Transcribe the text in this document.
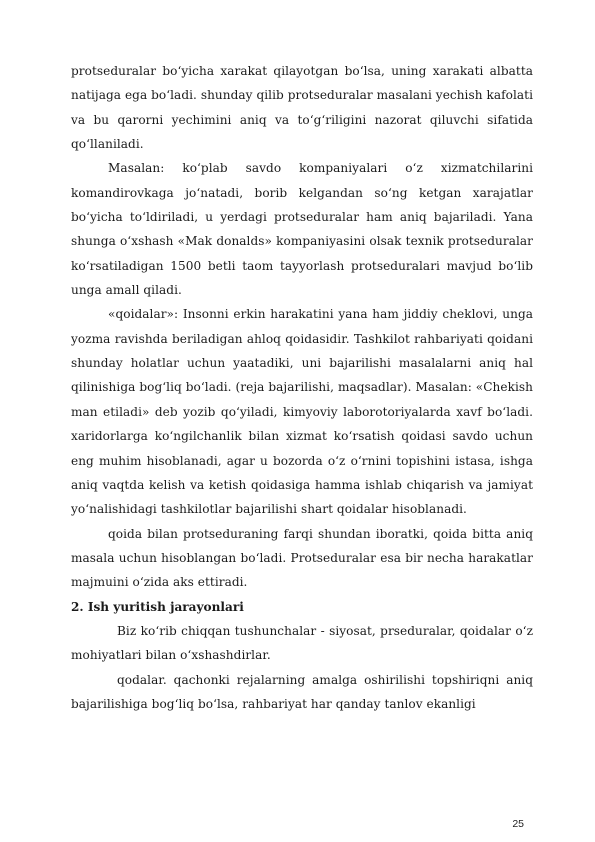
protseduralar bo‘yicha xarakat qilayotgan bo‘lsa, uning xarakati albatta natijaga ega bo‘ladi. shunday qilib protseduralar masalani yechish kafolati va bu qarorni yechimini aniq va to‘g‘riligini nazorat qiluvchi sifatida qo‘llaniladi.

Masalan: ko‘plab savdo kompaniyalari o‘z xizmatchilarini komandirovkaga jo‘natadi, borib kelgandan so‘ng ketgan xarajatlar bo‘yicha to‘ldiriladi, u yerdagi protseduralar ham aniq bajariladi. Yana shunga o‘xshash «Mak donalds» kompaniyasini olsak texnik protseduralar ko‘rsatiladigan 1500 betli taom tayyorlash protseduralari mavjud bo‘lib unga amall qiladi.

«qoidalar»: Insonni erkin harakatini yana ham jiddiy cheklovi, unga yozma ravishda beriladigan ahloq qoidasidir. Tashkilot rahbariyati qoidani shunday holatlar uchun yaatadiki, uni bajarilishi masalalarni aniq hal qilinishiga bog‘liq bo‘ladi. (reja bajarilishi, maqsadlar). Masalan: «Chekish man etiladi» deb yozib qo‘yiladi, kimyoviy laborotoriyalarda xavf bo‘ladi. xaridorlarga ko‘ngilchanlik bilan xizmat ko‘rsatish qoidasi savdo uchun eng muhim hisoblanadi, agar u bozorda o‘z o‘rnini topishini istasa, ishga aniq vaqtda kelish va ketish qoidasiga hamma ishlab chiqarish va jamiyat yo‘nalishidagi tashkilotlar bajarilishi shart qoidalar hisoblanadi.

qoida bilan protseduraning farqi shundan iboratki, qoida bitta aniq masala uchun hisoblangan bo‘ladi. Protseduralar esa bir necha harakatlar majmuini o‘zida aks ettiradi.

2. Ish yuritish jarayonlari

Biz ko‘rib chiqqan tushunchalar - siyosat, prseduralar, qoidalar o‘z mohiyatlari bilan o‘xshashdirlar.

qodalar. qachonki rejalarning amalga oshirilishi topshiriqni aniq bajarilishiga bog‘liq bo‘lsa, rahbariyat har qanday tanlov ekanligi

25
